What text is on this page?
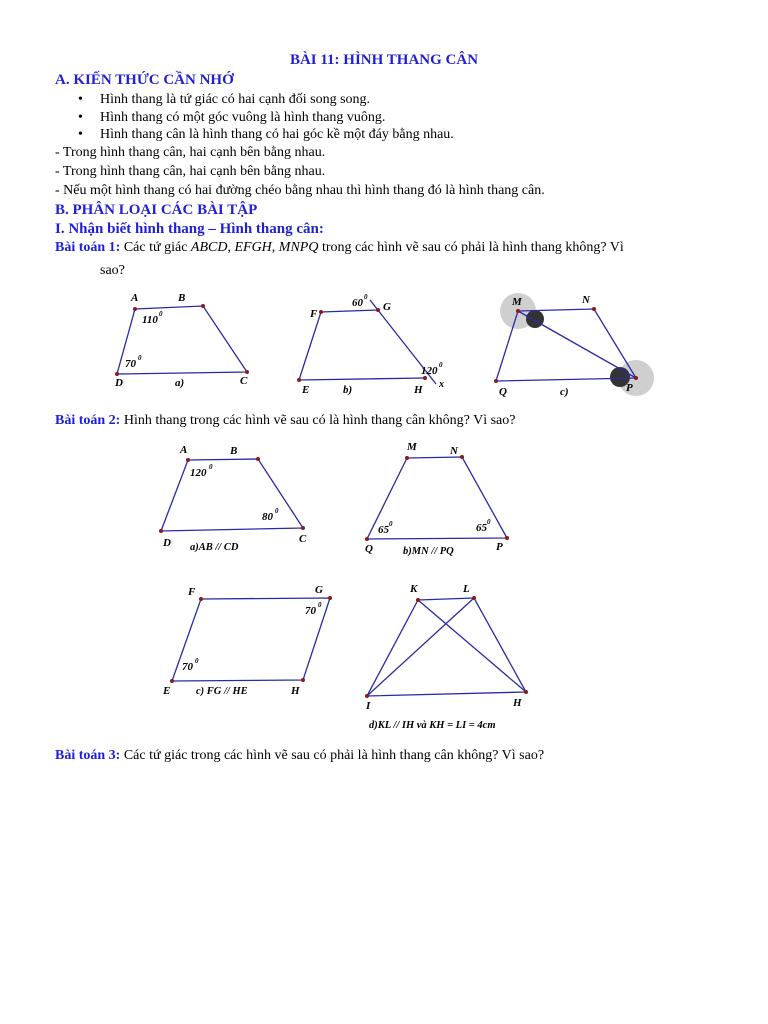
BÀI 11: HÌNH THANG CÂN
A. KIẾN THỨC CẦN NHỚ
• Hình thang là tứ giác có hai cạnh đối song song.
• Hình thang có một góc vuông là hình thang vuông.
• Hình thang cân là hình thang có hai góc kề một đáy bằng nhau.
- Trong hình thang cân, hai cạnh bên bằng nhau.
- Trong hình thang cân, hai cạnh bên bằng nhau.
- Nếu một hình thang có hai đường chéo bằng nhau thì hình thang đó là hình thang cân.
B. PHÂN LOẠI CÁC BÀI TẬP
I. Nhận biết hình thang – Hình thang cân:
Bài toán 1: Các tứ giác ABCD, EFGH, MNPQ trong các hình vẽ sau có phải là hình thang không? Vì
sao?
A	B
C
D
110 0
70 0
a)
F
G
E	H x
60 0
120 0
b)
M	N
P
Q	c)
Bài toán 2: Hình thang trong các hình vẽ sau có là hình thang cân không? Vì sao?
A	B
C
D
120 0
80 0
a)AB // CD
M	N
P
Q
65 0	65 0
b)MN // PQ
F	G
H
E
70 0
70 0
c) FG // HE
K	L
H
I
d)KL // IH và KH = LI = 4cm
Bài toán 3: Các tứ giác trong các hình vẽ sau có phải là hình thang cân không? Vì sao?
